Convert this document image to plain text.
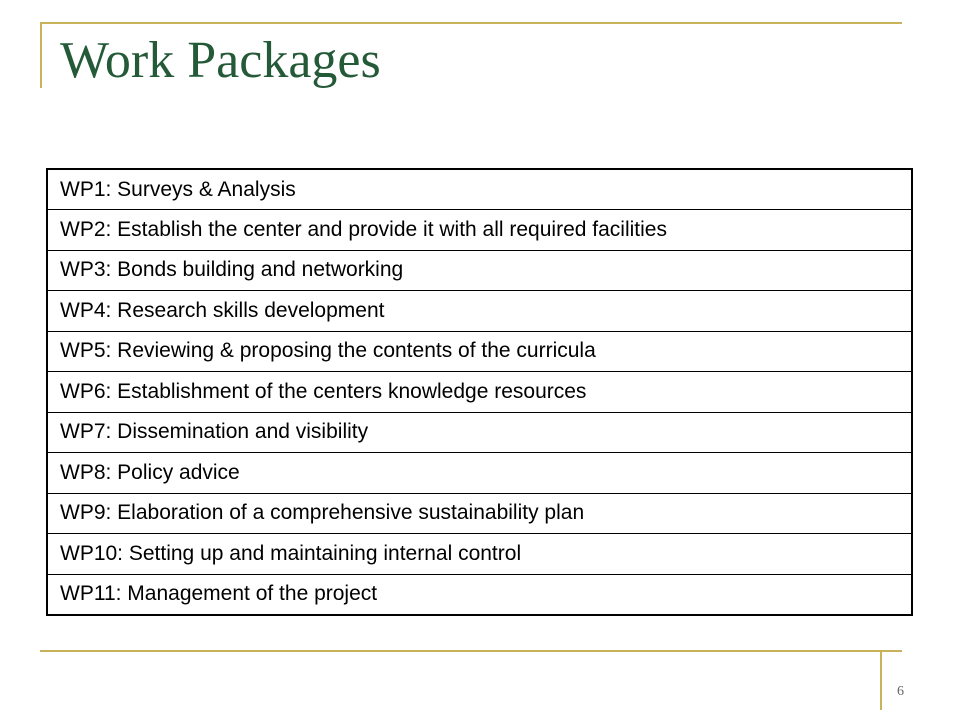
Work Packages
WP1: Surveys & Analysis
WP2: Establish the center and provide it with all required facilities
WP3: Bonds building and networking
WP4: Research skills development
WP5: Reviewing & proposing the contents of the curricula
WP6: Establishment of the centers knowledge resources
WP7: Dissemination and visibility
WP8: Policy advice
WP9: Elaboration of a comprehensive sustainability plan
WP10: Setting up and maintaining internal control
WP11: Management of the project
6
